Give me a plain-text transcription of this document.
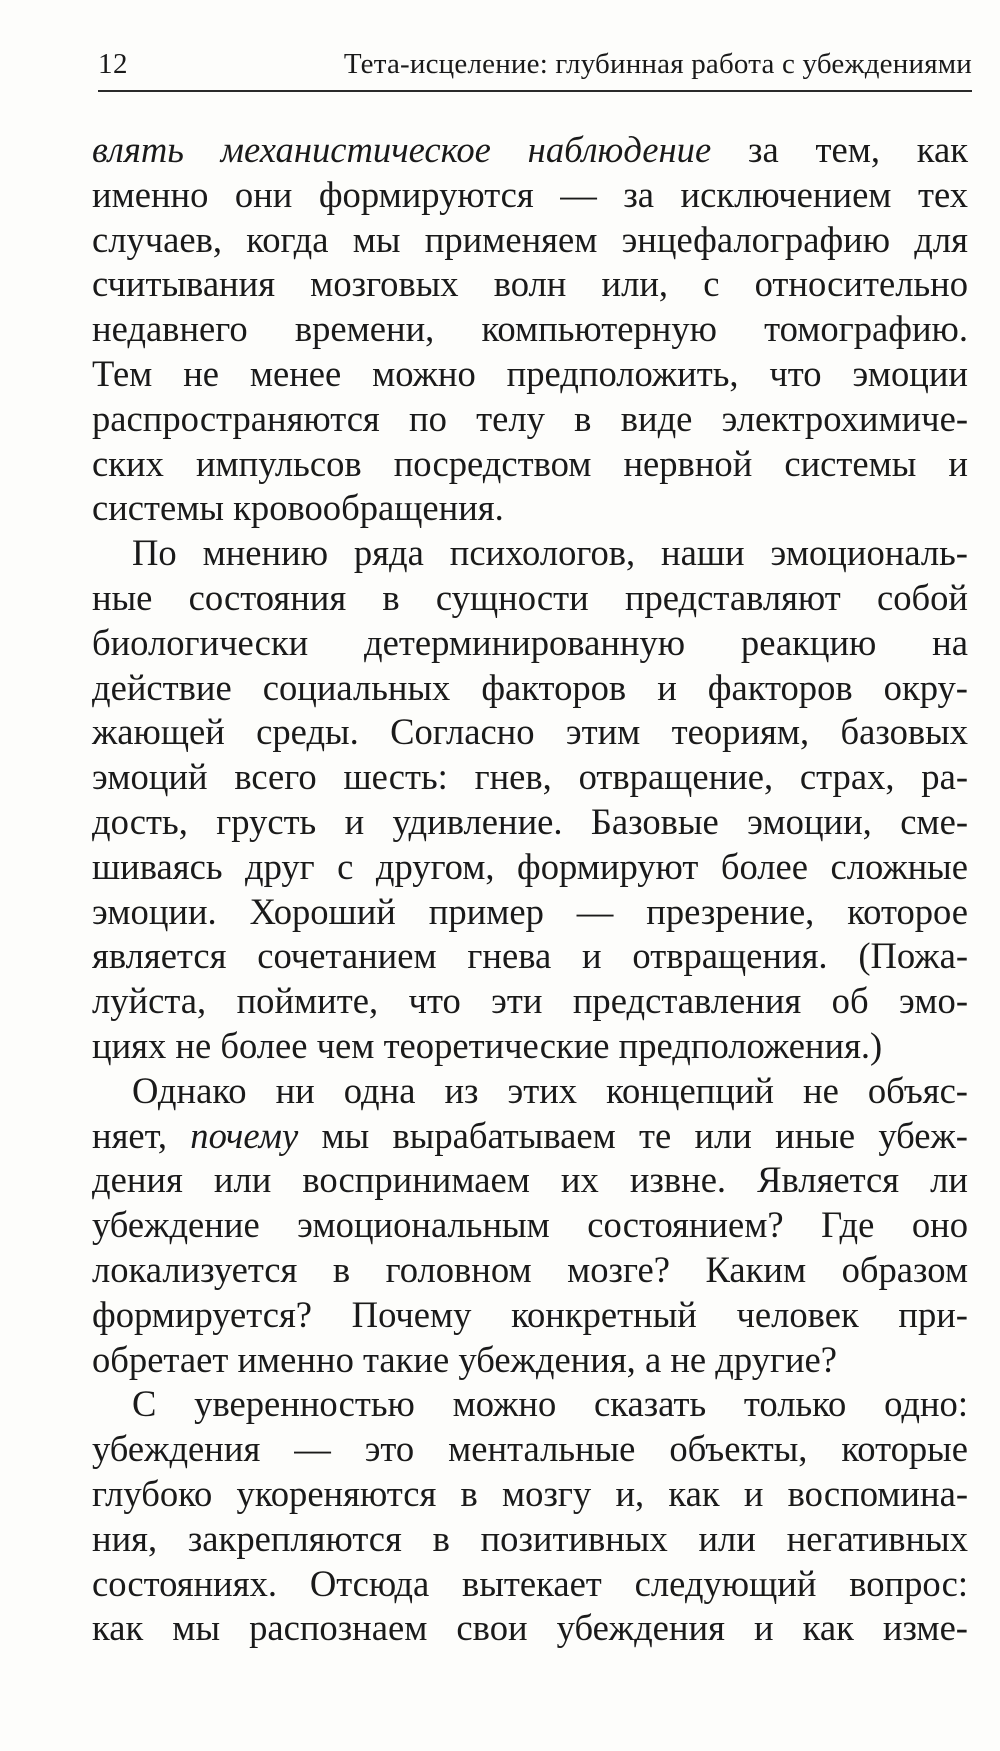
12	Тета-исцеление: глубинная работа с убеждениями

влять механистическое наблюдение за тем, как
именно они формируются — за исключением тех
случаев, когда мы применяем энцефалографию для
считывания мозговых волн или, с относительно
недавнего времени, компьютерную томографию.
Тем не менее можно предположить, что эмоции
распространяются по телу в виде электрохимиче-
ских импульсов посредством нервной системы и
системы кровообращения.

По мнению ряда психологов, наши эмоциональ-
ные состояния в сущности представляют собой
биологически детерминированную реакцию на
действие социальных факторов и факторов окру-
жающей среды. Согласно этим теориям, базовых
эмоций всего шесть: гнев, отвращение, страх, ра-
дость, грусть и удивление. Базовые эмоции, сме-
шиваясь друг с другом, формируют более сложные
эмоции. Хороший пример — презрение, которое
является сочетанием гнева и отвращения. (Пожа-
луйста, поймите, что эти представления об эмо-
циях не более чем теоретические предположения.)

Однако ни одна из этих концепций не объяс-
няет, почему мы вырабатываем те или иные убеж-
дения или воспринимаем их извне. Является ли
убеждение эмоциональным состоянием? Где оно
локализуется в головном мозге? Каким образом
формируется? Почему конкретный человек при-
обретает именно такие убеждения, а не другие?

С уверенностью можно сказать только одно:
убеждения — это ментальные объекты, которые
глубоко укореняются в мозгу и, как и воспомина-
ния, закрепляются в позитивных или негативных
состояниях. Отсюда вытекает следующий вопрос:
как мы распознаем свои убеждения и как изме-
